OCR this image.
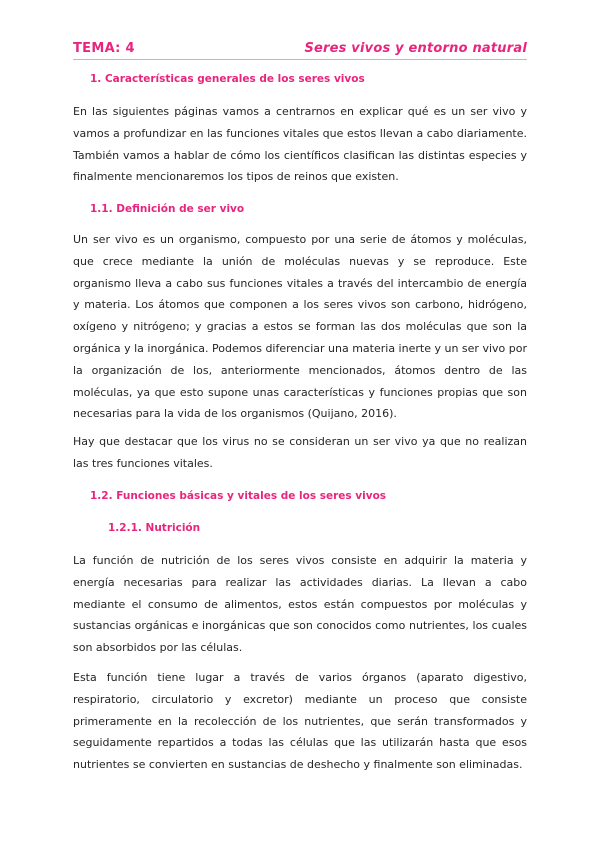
TEMA: 4	Seres vivos y entorno natural
1. Características generales de los seres vivos
En las siguientes páginas vamos a centrarnos en explicar qué es un ser vivo y vamos a profundizar en las funciones vitales que estos llevan a cabo diariamente. También vamos a hablar de cómo los científicos clasifican las distintas especies y finalmente mencionaremos los tipos de reinos que existen.
1.1. Definición de ser vivo
Un ser vivo es un organismo, compuesto por una serie de átomos y moléculas, que crece mediante la unión de moléculas nuevas y se reproduce. Este organismo lleva a cabo sus funciones vitales a través del intercambio de energía y materia. Los átomos que componen a los seres vivos son carbono, hidrógeno, oxígeno y nitrógeno; y gracias a estos se forman las dos moléculas que son la orgánica y la inorgánica. Podemos diferenciar una materia inerte y un ser vivo por la organización de los, anteriormente mencionados, átomos dentro de las moléculas, ya que esto supone unas características y funciones propias que son necesarias para la vida de los organismos (Quijano, 2016).
Hay que destacar que los virus no se consideran un ser vivo ya que no realizan las tres funciones vitales.
1.2. Funciones básicas y vitales de los seres vivos
1.2.1. Nutrición
La función de nutrición de los seres vivos consiste en adquirir la materia y energía necesarias para realizar las actividades diarias. La llevan a cabo mediante el consumo de alimentos, estos están compuestos por moléculas y sustancias orgánicas e inorgánicas que son conocidos como nutrientes, los cuales son absorbidos por las células.
Esta función tiene lugar a través de varios órganos (aparato digestivo, respiratorio, circulatorio y excretor) mediante un proceso que consiste primeramente en la recolección de los nutrientes, que serán transformados y seguidamente repartidos a todas las células que las utilizarán hasta que esos nutrientes se convierten en sustancias de deshecho y finalmente son eliminadas.
